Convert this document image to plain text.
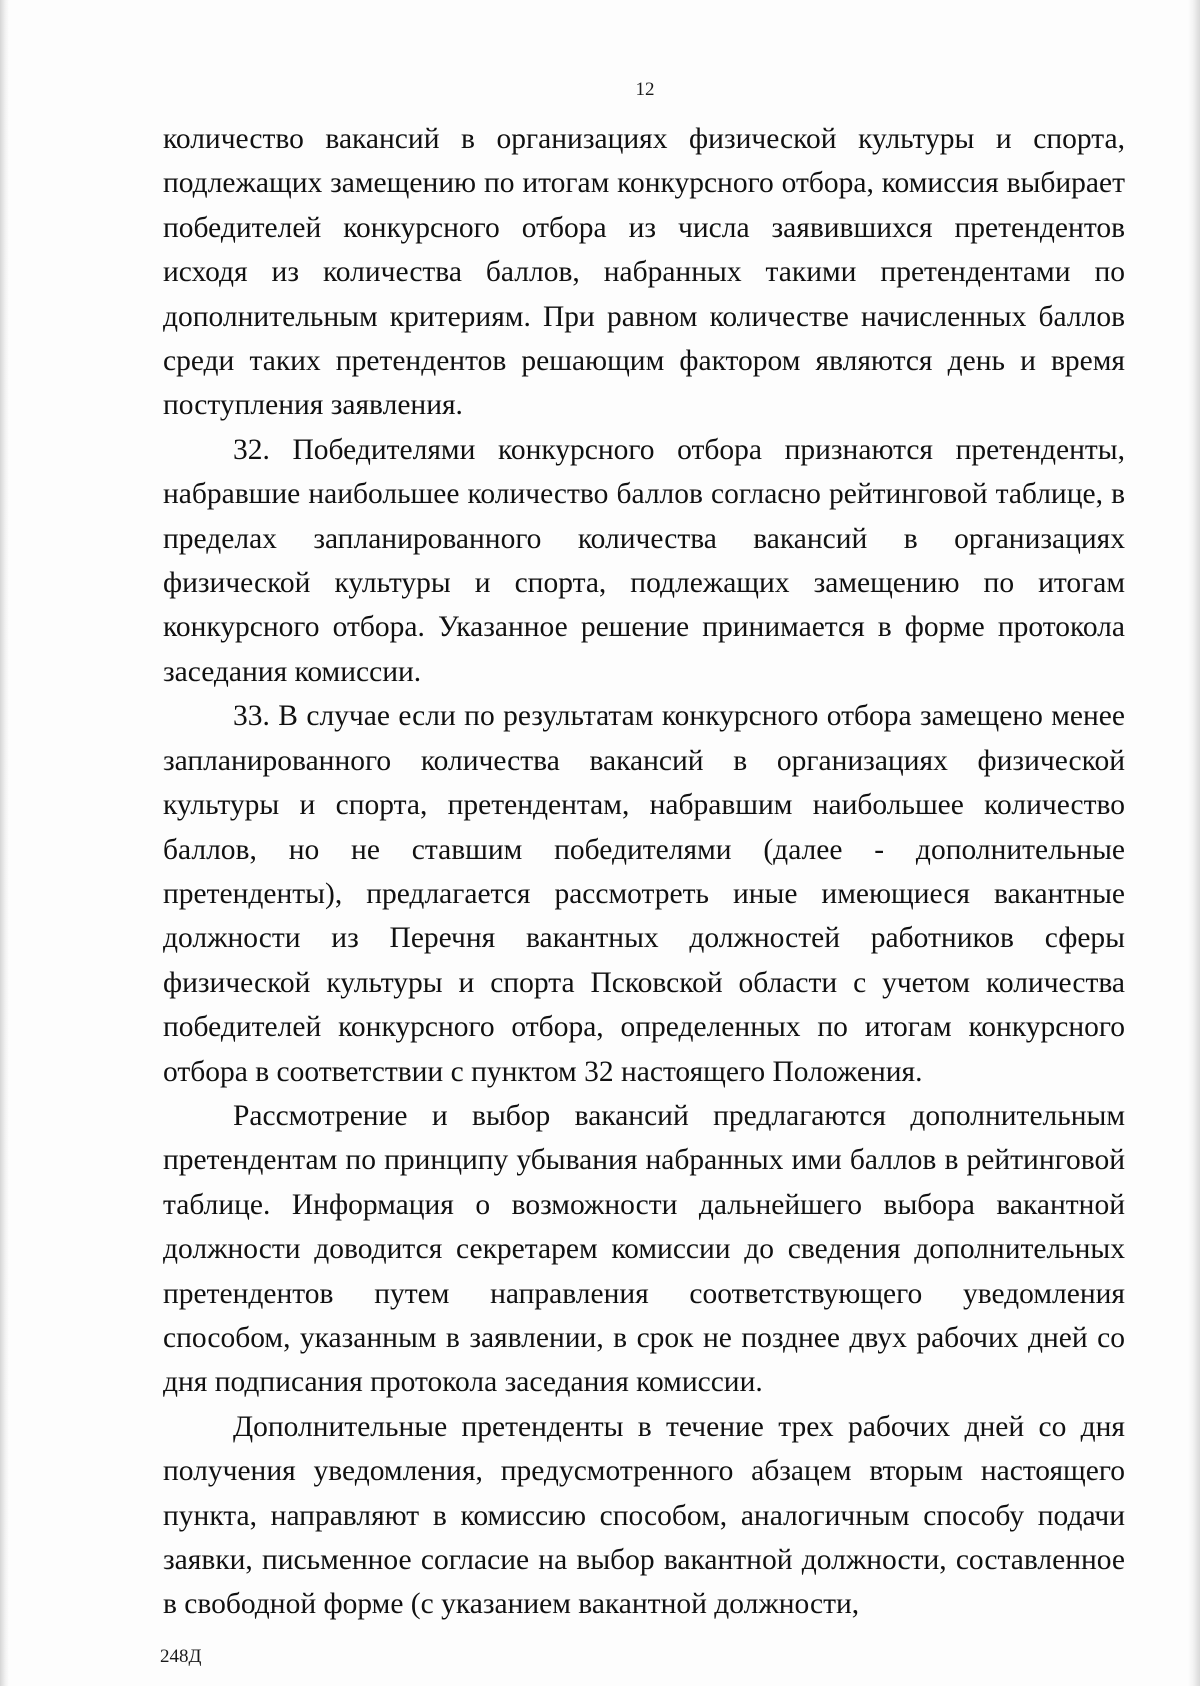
12

количество вакансий в организациях физической культуры и спорта, подлежащих замещению по итогам конкурсного отбора, комиссия выбирает победителей конкурсного отбора из числа заявившихся претендентов исходя из количества баллов, набранных такими претендентами по дополнительным критериям. При равном количестве начисленных баллов среди таких претендентов решающим фактором являются день и время поступления заявления.

32. Победителями конкурсного отбора признаются претенденты, набравшие наибольшее количество баллов согласно рейтинговой таблице, в пределах запланированного количества вакансий в организациях физической культуры и спорта, подлежащих замещению по итогам конкурсного отбора. Указанное решение принимается в форме протокола заседания комиссии.

33. В случае если по результатам конкурсного отбора замещено менее запланированного количества вакансий в организациях физической культуры и спорта, претендентам, набравшим наибольшее количество баллов, но не ставшим победителями (далее - дополнительные претенденты), предлагается рассмотреть иные имеющиеся вакантные должности из Перечня вакантных должностей работников сферы физической культуры и спорта Псковской области с учетом количества победителей конкурсного отбора, определенных по итогам конкурсного отбора в соответствии с пунктом 32 настоящего Положения.

Рассмотрение и выбор вакансий предлагаются дополнительным претендентам по принципу убывания набранных ими баллов в рейтинговой таблице. Информация о возможности дальнейшего выбора вакантной должности доводится секретарем комиссии до сведения дополнительных претендентов путем направления соответствующего уведомления способом, указанным в заявлении, в срок не позднее двух рабочих дней со дня подписания протокола заседания комиссии.

Дополнительные претенденты в течение трех рабочих дней со дня получения уведомления, предусмотренного абзацем вторым настоящего пункта, направляют в комиссию способом, аналогичным способу подачи заявки, письменное согласие на выбор вакантной должности, составленное в свободной форме (с указанием вакантной должности,

248Д
